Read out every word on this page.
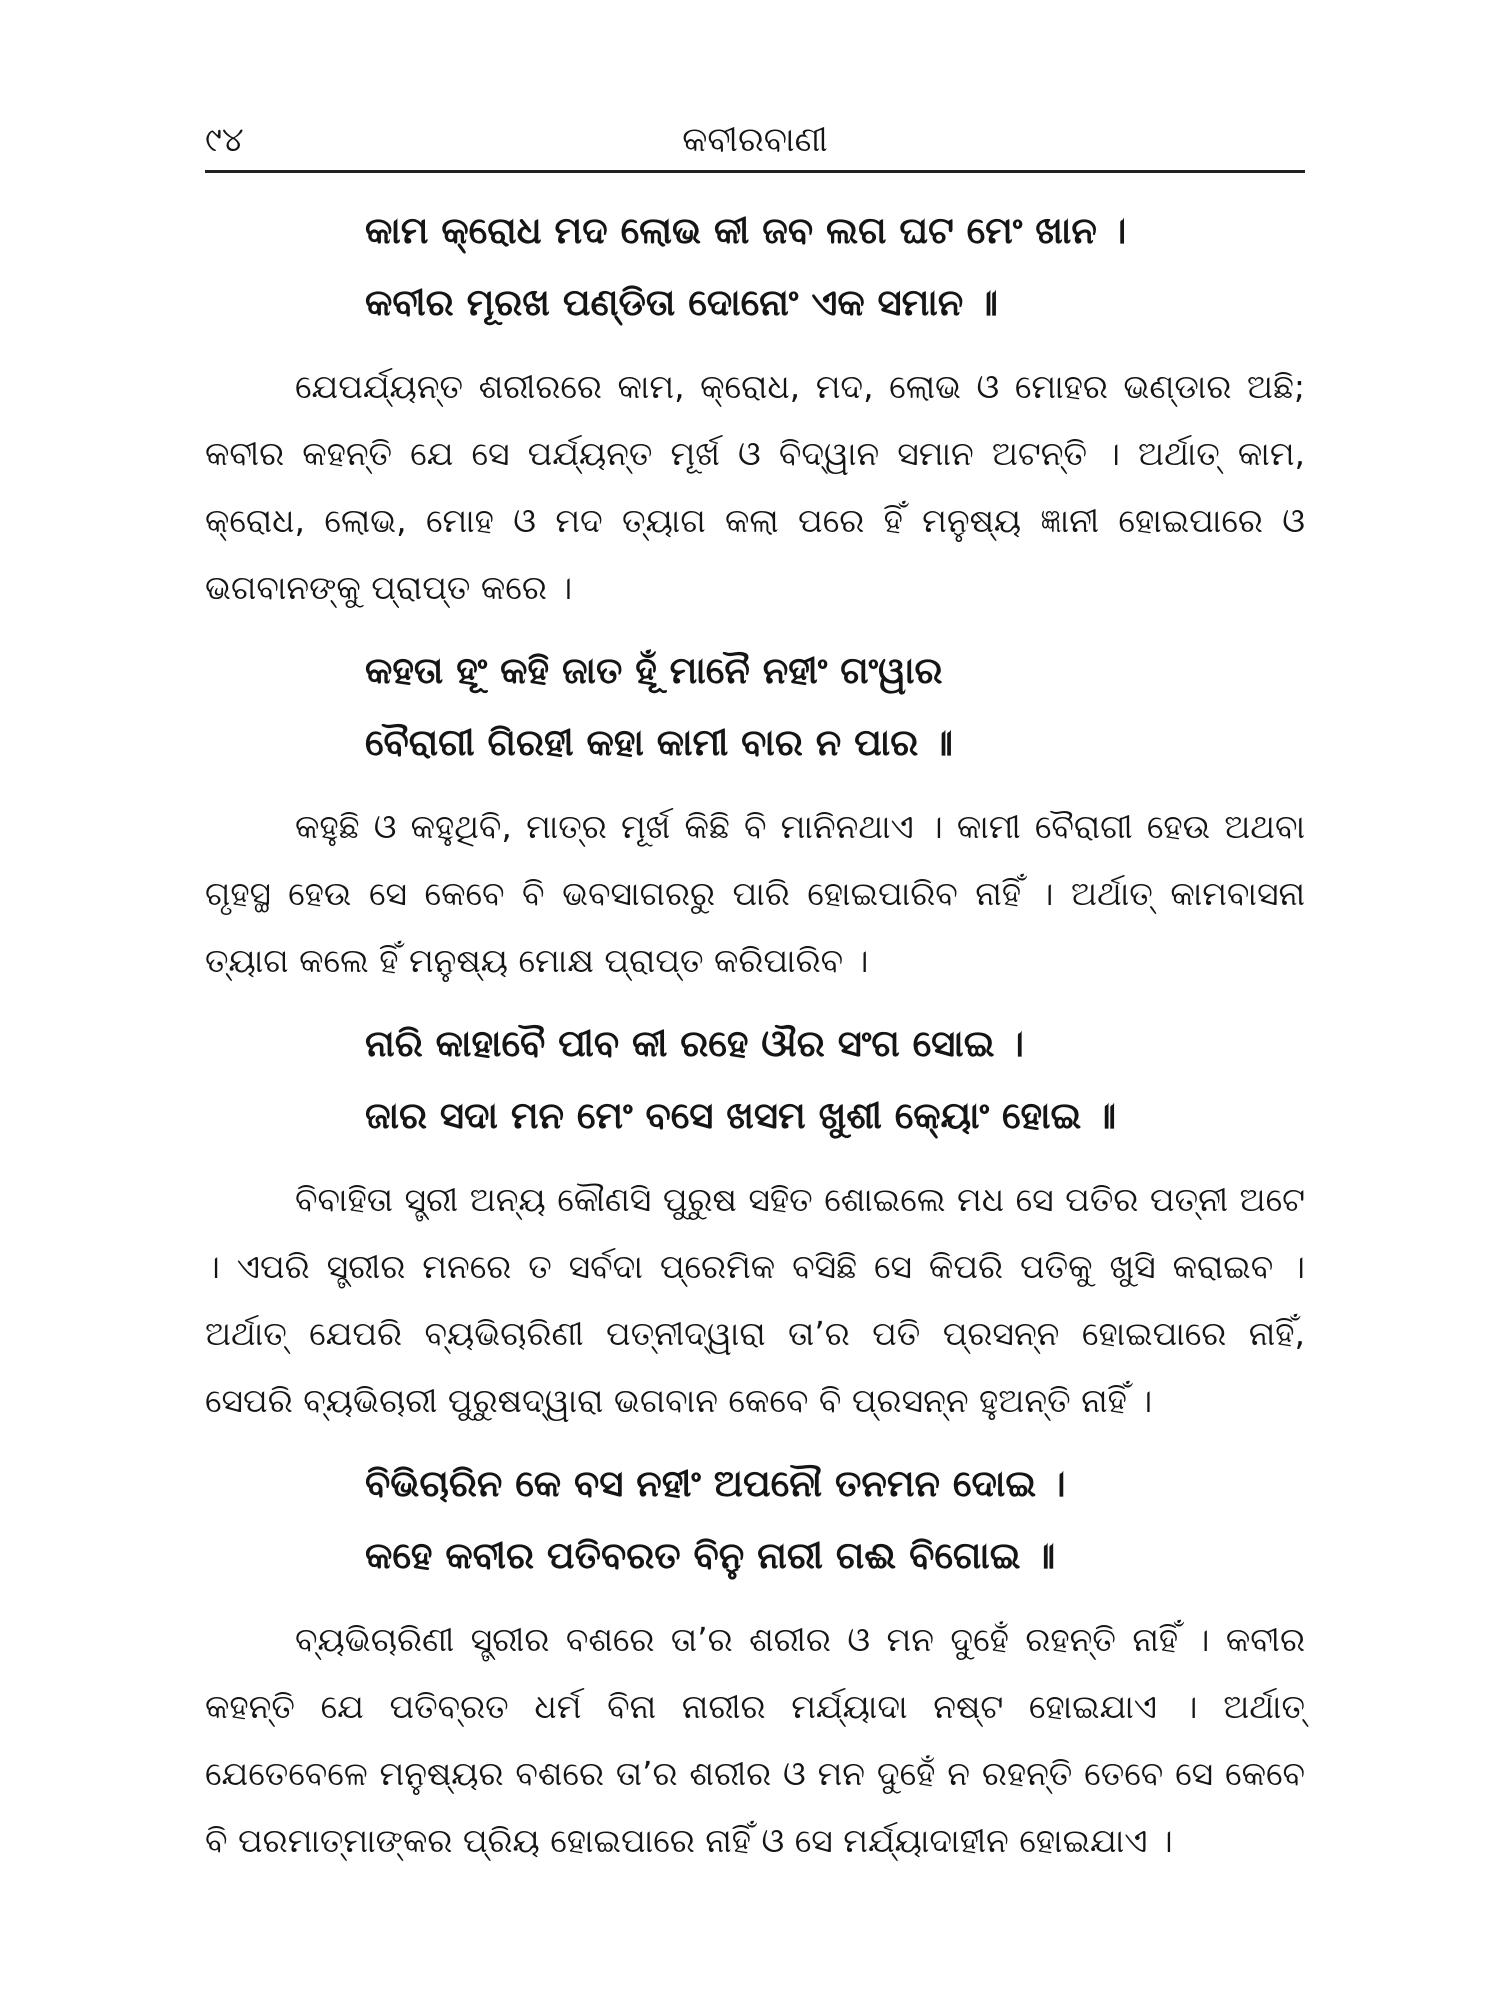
୯୪	କବୀରବାଣୀ
କାମ କ୍ରୋଧ ମଦ ଲୋଭ କୀ ଜବ ଲଗ ଘଟ ମେଂ ଖାନ ।
କବୀର ମୂରଖ ପଣ୍ଡିତା ଦୋନୋଂ ଏକ ସମାନ ॥

ଯେପର୍ଯ୍ୟନ୍ତ ଶରୀରରେ କାମ, କ୍ରୋଧ, ମଦ, ଲୋଭ ଓ ମୋହର ଭଣ୍ଡାର ଅଛି; କବୀର କହନ୍ତି ଯେ ସେ ପର୍ଯ୍ୟନ୍ତ ମୂର୍ଖ ଓ ବିଦ୍ୱାନ ସମାନ ଅଟନ୍ତି । ଅର୍ଥାତ୍ କାମ, କ୍ରୋଧ, ଲୋଭ, ମୋହ ଓ ମଦ ତ୍ୟାଗ କଲା ପରେ ହିଁ ମନୁଷ୍ୟ ଜ୍ଞାନୀ ହୋଇପାରେ ଓ ଭଗବାନଙ୍କୁ ପ୍ରାପ୍ତ କରେ ।

କହତା ହୂଂ କହି ଜାତ ହୂଁ ମାନୈ ନହୀଂ ଗଂୱାର
ବୈରାଗୀ ଗିରହୀ କହା କାମୀ ବାର ନ ପାର ॥

କହୁଛି ଓ କହୁଥିବି, ମାତ୍ର ମୂର୍ଖ କିଛି ବି ମାନିନଥାଏ । କାମୀ ବୈରାଗୀ ହେଉ ଅଥବା ଗୃହସ୍ଥ ହେଉ ସେ କେବେ ବି ଭବସାଗରରୁ ପାରି ହୋଇପାରିବ ନାହିଁ । ଅର୍ଥାତ୍ କାମବାସନା ତ୍ୟାଗ କଲେ ହିଁ ମନୁଷ୍ୟ ମୋକ୍ଷ ପ୍ରାପ୍ତ କରିପାରିବ ।

ନାରି କାହାବୈ ପୀବ କୀ ରହେ ଔର ସଂଗ ସୋଇ ।
ଜାର ସଦା ମନ ମେଂ ବସେ ଖସମ ଖୁଶୀ କ୍ୟୋଂ ହୋଇ ॥

ବିବାହିତା ସ୍ତ୍ରୀ ଅନ୍ୟ କୌଣସି ପୁରୁଷ ସହିତ ଶୋଇଲେ ମଧ ସେ ପତିର ପତ୍ନୀ ଅଟେ । ଏପରି ସ୍ତ୍ରୀର ମନରେ ତ ସର୍ବଦା ପ୍ରେମିକ ବସିଛି ସେ କିପରି ପତିକୁ ଖୁସି କରାଇବ । ଅର୍ଥାତ୍ ଯେପରି ବ୍ୟଭିଚାରିଣୀ ପତ୍ନୀଦ୍ୱାରା ତା’ର ପତି ପ୍ରସନ୍ନ ହୋଇପାରେ ନାହିଁ, ସେପରି ବ୍ୟଭିଚାରୀ ପୁରୁଷଦ୍ୱାରା ଭଗବାନ କେବେ ବି ପ୍ରସନ୍ନ ହୁଅନ୍ତି ନାହିଁ ।

ବିଭିଚାରିନ କେ ବସ ନହୀଂ ଅପନୌ ତନମନ ଦୋଇ ।
କହେ କବୀର ପତିବରତ ବିନୁ ନାରୀ ଗଈ ବିଗୋଇ ॥

ବ୍ୟଭିଚାରିଣୀ ସ୍ତ୍ରୀର ବଶରେ ତା’ର ଶରୀର ଓ ମନ ଦୁହେଁ ରହନ୍ତି ନାହିଁ । କବୀର କହନ୍ତି ଯେ ପତିବ୍ରତ ଧର୍ମ ବିନା ନାରୀର ମର୍ଯ୍ୟାଦା ନଷ୍ଟ ହୋଇଯାଏ । ଅର୍ଥାତ୍ ଯେତେବେଳେ ମନୁଷ୍ୟର ବଶରେ ତା’ର ଶରୀର ଓ ମନ ଦୁହେଁ ନ ରହନ୍ତି ତେବେ ସେ କେବେ ବି ପରମାତ୍ମାଙ୍କର ପ୍ରିୟ ହୋଇପାରେ ନାହିଁ ଓ ସେ ମର୍ଯ୍ୟାଦାହୀନ ହୋଇଯାଏ ।
